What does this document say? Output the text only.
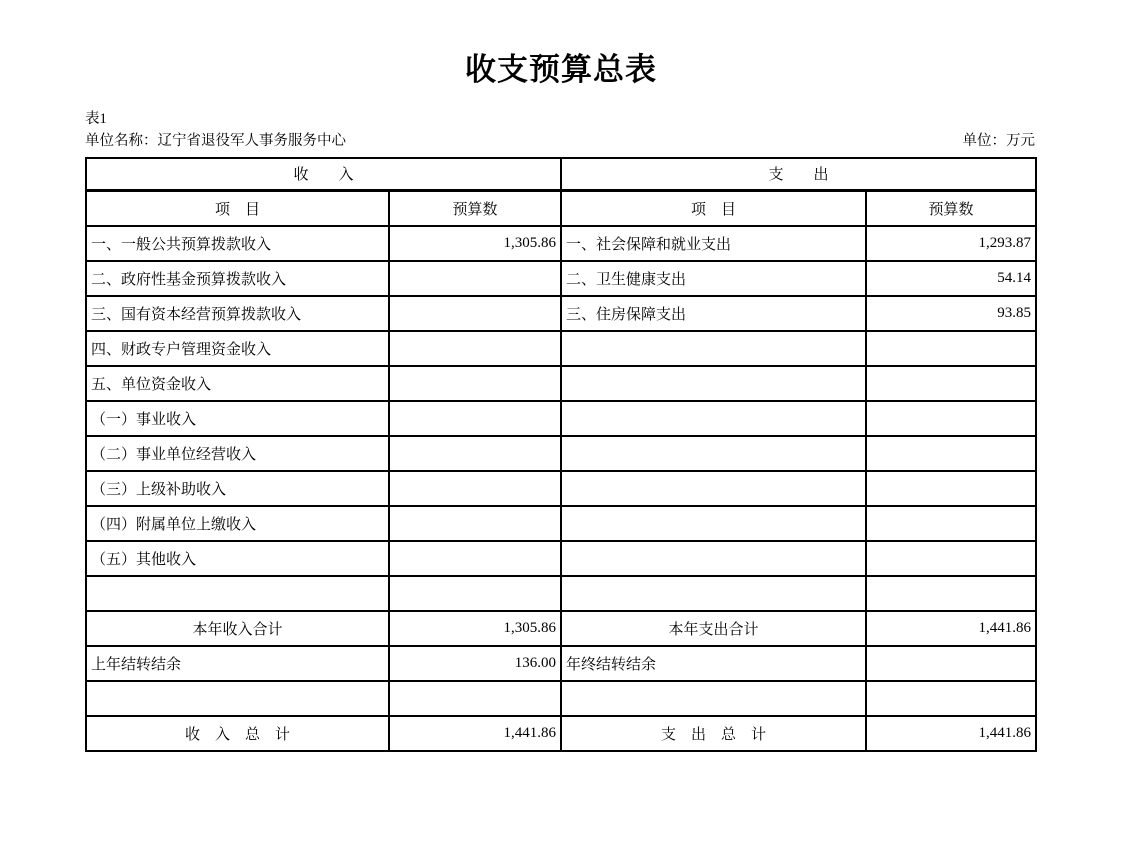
收支预算总表
表1
单位名称：辽宁省退役军人事务服务中心	单位：万元
收　　入		支　　出	
项　目	预算数	项　目	预算数
一、一般公共预算拨款收入	1,305.86	一、社会保障和就业支出	1,293.87
二、政府性基金预算拨款收入		二、卫生健康支出	54.14
三、国有资本经营预算拨款收入		三、住房保障支出	93.85
四、财政专户管理资金收入			
五、单位资金收入			
（一）事业收入			
（二）事业单位经营收入			
（三）上级补助收入			
（四）附属单位上缴收入			
（五）其他收入			

本年收入合计	1,305.86	本年支出合计	1,441.86
上年结转结余	136.00	年终结转结余	

收　入　总　计	1,441.86	支　出　总　计	1,441.86
